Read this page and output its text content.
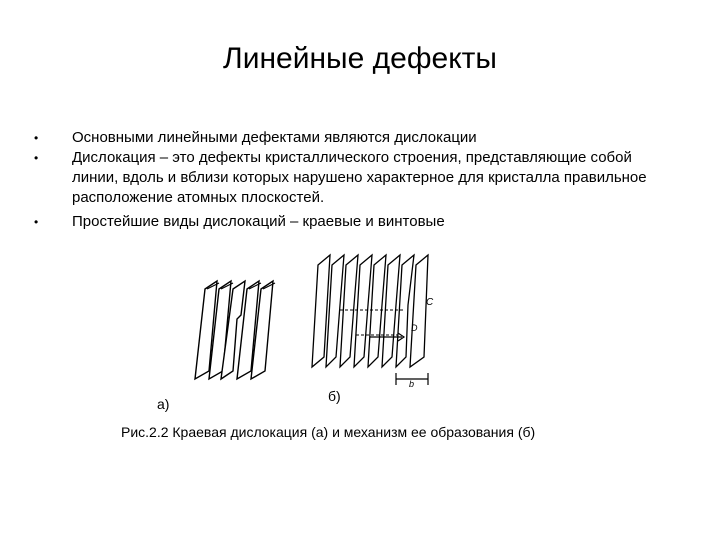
Линейные дефекты
• Основными линейными дефектами являются дислокации
• Дислокация – это дефекты кристаллического строения, представляющие собой линии, вдоль и вблизи которых нарушено характерное для кристалла правильное расположение атомных плоскостей.
• Простейшие виды дислокаций – краевые и винтовые
C
D
b
а)	б)
Рис.2.2 Краевая дислокация (а) и механизм ее образования (б)
